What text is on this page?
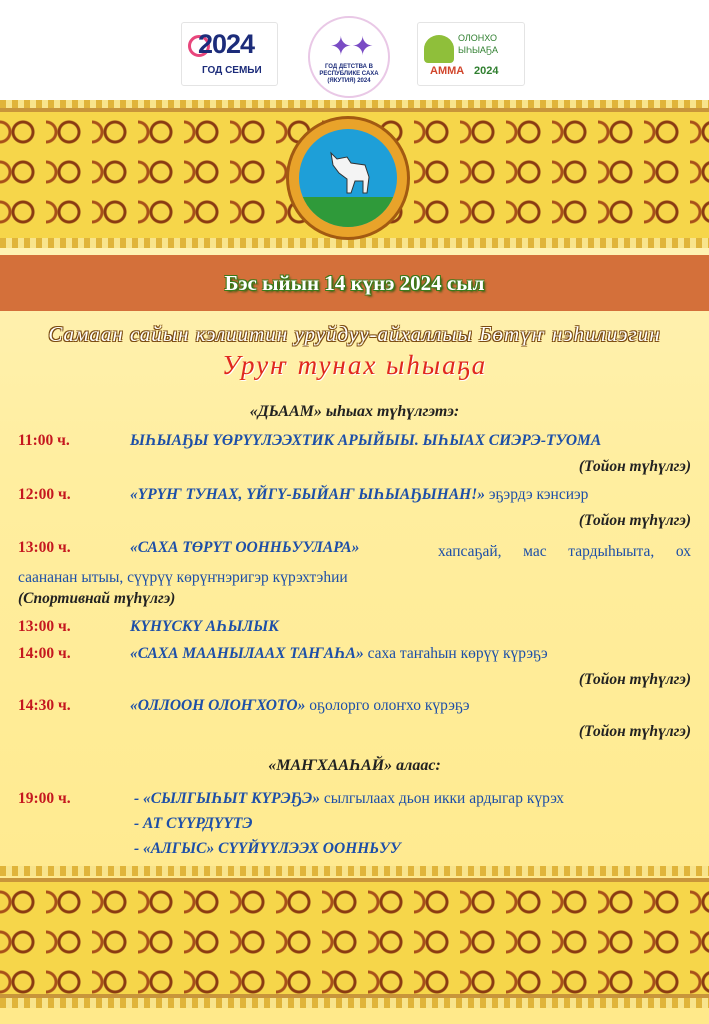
2024
ГОД СЕМЬИ
✦✦
ГОД ДЕТСТВА В РЕСПУБЛИКЕ САХА (ЯКУТИЯ) 2024
ОЛОНХО
ЫҺЫАҔА
АММА 2024
Бэс ыйын 14 күнэ 2024 сыл
Самаан сайын кэлиитин уруйдуу-айхаллыы Бөтүҥ нэһилиэгин
Уруҥ тунах ыһыаҕа
«ДЬААМ» ыһыах түһүлгэтэ:
11:00 ч.	ЫҺЫАҔЫ ҮӨРҮҮЛЭЭХТИК АРЫЙЫЫ. ЫҺЫАХ СИЭРЭ-ТУОМА
(Тойон түһүлгэ)
12:00 ч.	«ҮРҮҤ ТУНАХ, ҮЙГҮ-БЫЙАҤ ЫҺЫАҔЫНАН!» эҕэрдэ кэнсиэр
(Тойон түһүлгэ)
13:00 ч.	«САХА ТӨРҮТ ООННЬУУЛАРА»	хапсаҕай, мас тардыһыыта, ох саананан ытыы, сүүрүү көрүҥнэригэр күрэхтэһии
(Спортивнай түһүлгэ)
13:00 ч.	КҮНҮСКҮ АҺЫЛЫК
14:00 ч.	«САХА МААНЫЛААХ ТАҤАҺА» саха таҥаһын көрүү күрэҕэ
(Тойон түһүлгэ)
14:30 ч.	«ОЛЛООН ОЛОҤХОТО» оҕолорго олоҥхо күрэҕэ
(Тойон түһүлгэ)
«МАҤХААҺАЙ» алаас:
19:00 ч.	- «СЫЛГЫҺЫТ КҮРЭҔЭ» сылгылаах дьон икки ардыгар күрэх
- АТ СҮҮРДҮҮТЭ
- «АЛГЫС» СҮҮЙҮҮЛЭЭХ ООННЬУУ
